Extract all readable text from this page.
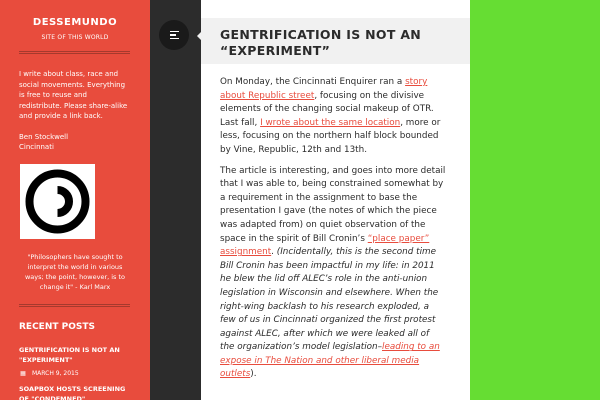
DESSEMUNDO
SITE OF THIS WORLD
I write about class, race and social movements. Everything is free to reuse and redistribute. Please share-alike and provide a link back.
Ben Stockwell
Cincinnati
"Philosophers have sought to interpret the world in various ways; the point, however, is to change it" - Karl Marx
RECENT POSTS
GENTRIFICATION IS NOT AN "EXPERIMENT"
▦ MARCH 9, 2015
SOAPBOX HOSTS SCREENING OF "CONDEMNED"
GENTRIFICATION IS NOT AN “EXPERIMENT”

On Monday, the Cincinnati Enquirer ran a story about Republic street, focusing on the divisive elements of the changing social makeup of OTR. Last fall, I wrote about the same location, more or less, focusing on the northern half block bounded by Vine, Republic, 12th and 13th.

The article is interesting, and goes into more detail that I was able to, being constrained somewhat by a requirement in the assignment to base the presentation I gave (the notes of which the piece was adapted from) on quiet observation of the space in the spirit of Bill Cronin’s “place paper” assignment. (Incidentally, this is the second time Bill Cronin has been impactful in my life: in 2011 he blew the lid off ALEC’s role in the anti-union legislation in Wisconsin and elsewhere. When the right-wing backlash to his research exploded, a few of us in Cincinnati organized the first protest against ALEC, after which we were leaked all of the organization’s model legislation–leading to an expose in The Nation and other liberal media outlets).
